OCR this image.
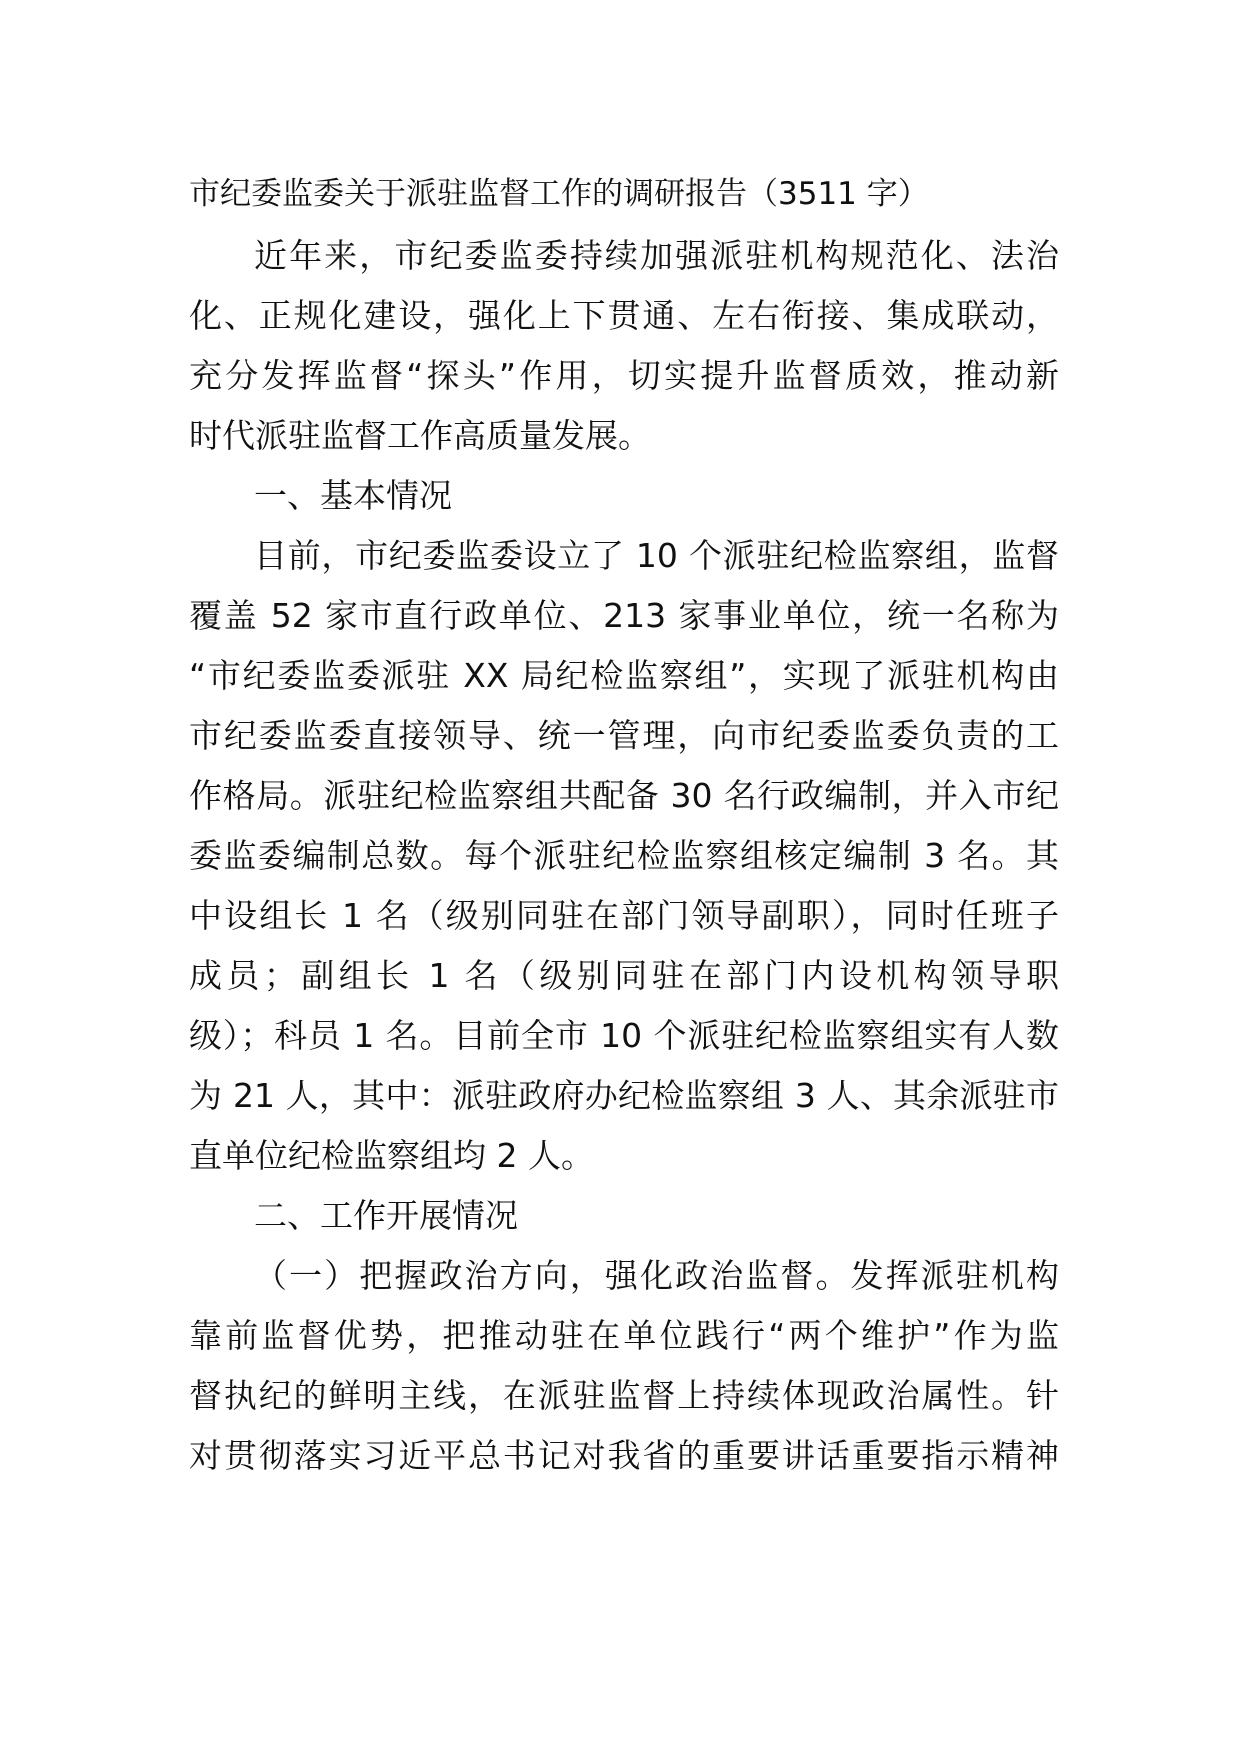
市纪委监委关于派驻监督工作的调研报告（3511 字）
近年来，市纪委监委持续加强派驻机构规范化、法治
化、正规化建设，强化上下贯通、左右衔接、集成联动，
充分发挥监督“探头”作用，切实提升监督质效，推动新
时代派驻监督工作高质量发展。
一、基本情况
目前，市纪委监委设立了 10 个派驻纪检监察组，监督
覆盖 52 家市直行政单位、213 家事业单位，统一名称为
“市纪委监委派驻 XX 局纪检监察组”，实现了派驻机构由
市纪委监委直接领导、统一管理，向市纪委监委负责的工
作格局。派驻纪检监察组共配备 30 名行政编制，并入市纪
委监委编制总数。每个派驻纪检监察组核定编制 3 名。其
中设组长 1 名（级别同驻在部门领导副职），同时任班子
成员；副组长 1 名（级别同驻在部门内设机构领导职
级）；科员 1 名。目前全市 10 个派驻纪检监察组实有人数
为 21 人，其中：派驻政府办纪检监察组 3 人、其余派驻市
直单位纪检监察组均 2 人。
二、工作开展情况
（一）把握政治方向，强化政治监督。发挥派驻机构
靠前监督优势，把推动驻在单位践行“两个维护”作为监
督执纪的鲜明主线，在派驻监督上持续体现政治属性。针
对贯彻落实习近平总书记对我省的重要讲话重要指示精神
